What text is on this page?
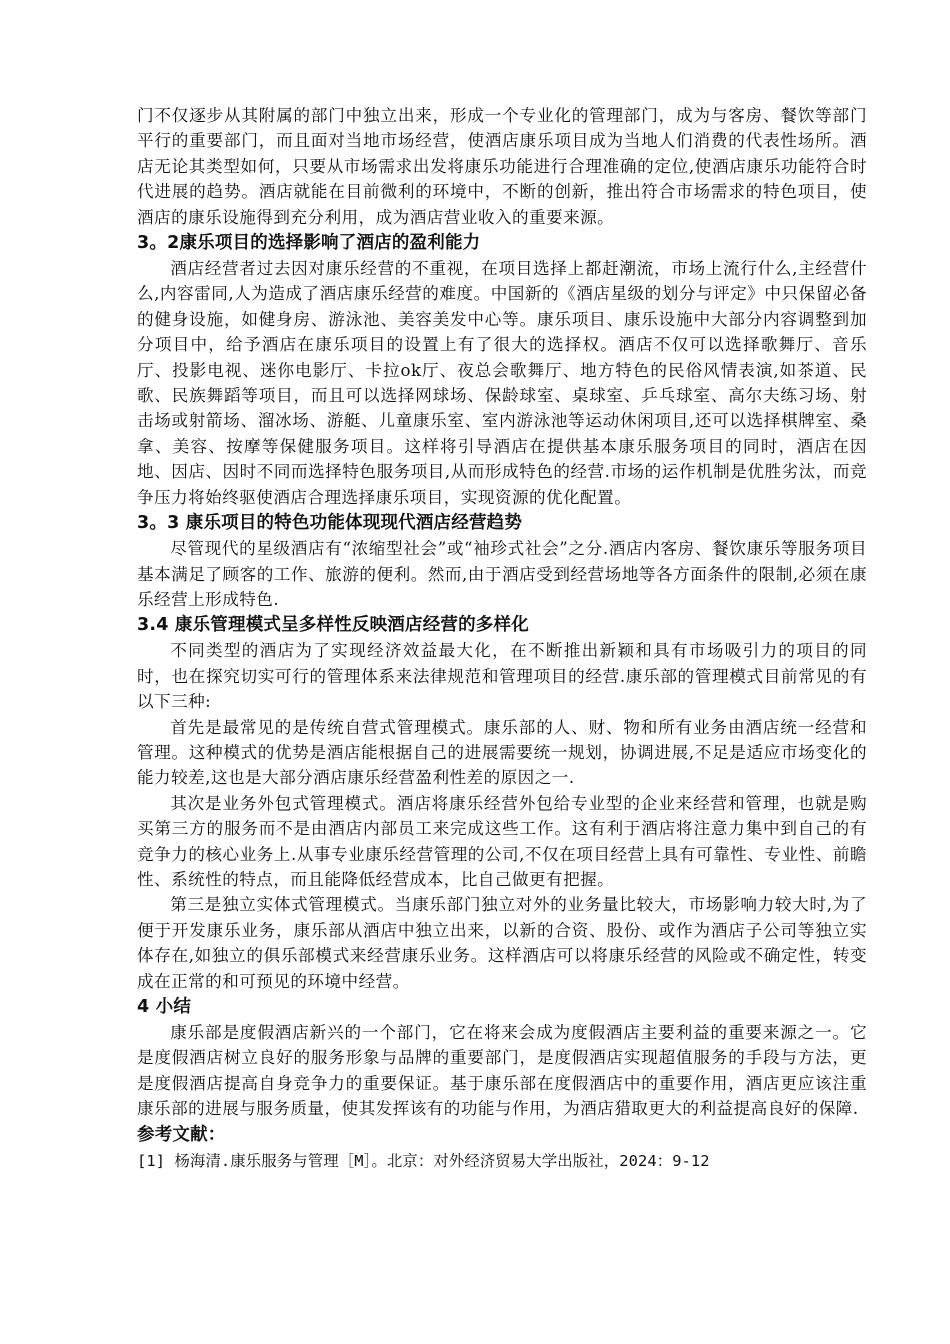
门不仅逐步从其附属的部门中独立出来，形成一个专业化的管理部门，成为与客房、餐饮等部门平行的重要部门，而且面对当地市场经营，使酒店康乐项目成为当地人们消费的代表性场所。酒店无论其类型如何，只要从市场需求出发将康乐功能进行合理准确的定位,使酒店康乐功能符合时代进展的趋势。酒店就能在目前微利的环境中，不断的创新，推出符合市场需求的特色项目，使酒店的康乐设施得到充分利用，成为酒店营业收入的重要来源。

3。2康乐项目的选择影响了酒店的盈利能力

酒店经营者过去因对康乐经营的不重视，在项目选择上都赶潮流，市场上流行什么,主经营什么,内容雷同,人为造成了酒店康乐经营的难度。中国新的《酒店星级的划分与评定》中只保留必备的健身设施，如健身房、游泳池、美容美发中心等。康乐项目、康乐设施中大部分内容调整到加分项目中，给予酒店在康乐项目的设置上有了很大的选择权。酒店不仅可以选择歌舞厅、音乐厅、投影电视、迷你电影厅、卡拉ok厅、夜总会歌舞厅、地方特色的民俗风情表演,如茶道、民歌、民族舞蹈等项目，而且可以选择网球场、保龄球室、桌球室、乒乓球室、高尔夫练习场、射击场或射箭场、溜冰场、游艇、儿童康乐室、室内游泳池等运动休闲项目,还可以选择棋牌室、桑拿、美容、按摩等保健服务项目。这样将引导酒店在提供基本康乐服务项目的同时，酒店在因地、因店、因时不同而选择特色服务项目,从而形成特色的经营.市场的运作机制是优胜劣汰，而竞争压力将始终驱使酒店合理选择康乐项目，实现资源的优化配置。

3。3 康乐项目的特色功能体现现代酒店经营趋势

尽管现代的星级酒店有“浓缩型社会”或“袖珍式社会”之分.酒店内客房、餐饮康乐等服务项目基本满足了顾客的工作、旅游的便利。然而,由于酒店受到经营场地等各方面条件的限制,必须在康乐经营上形成特色.

3.4 康乐管理模式呈多样性反映酒店经营的多样化

不同类型的酒店为了实现经济效益最大化，在不断推出新颖和具有市场吸引力的项目的同时，也在探究切实可行的管理体系来法律规范和管理项目的经营.康乐部的管理模式目前常见的有以下三种:

首先是最常见的是传统自营式管理模式。康乐部的人、财、物和所有业务由酒店统一经营和管理。这种模式的优势是酒店能根据自己的进展需要统一规划，协调进展,不足是适应市场变化的能力较差,这也是大部分酒店康乐经营盈利性差的原因之一.

其次是业务外包式管理模式。酒店将康乐经营外包给专业型的企业来经营和管理，也就是购买第三方的服务而不是由酒店内部员工来完成这些工作。这有利于酒店将注意力集中到自己的有竞争力的核心业务上.从事专业康乐经营管理的公司,不仅在项目经营上具有可靠性、专业性、前瞻性、系统性的特点，而且能降低经营成本，比自己做更有把握。

第三是独立实体式管理模式。当康乐部门独立对外的业务量比较大，市场影响力较大时,为了便于开发康乐业务，康乐部从酒店中独立出来，以新的合资、股份、或作为酒店子公司等独立实体存在,如独立的俱乐部模式来经营康乐业务。这样酒店可以将康乐经营的风险或不确定性，转变成在正常的和可预见的环境中经营。

4 小结

康乐部是度假酒店新兴的一个部门，它在将来会成为度假酒店主要利益的重要来源之一。它是度假酒店树立良好的服务形象与品牌的重要部门，是度假酒店实现超值服务的手段与方法，更是度假酒店提高自身竞争力的重要保证。基于康乐部在度假酒店中的重要作用，酒店更应该注重康乐部的进展与服务质量，使其发挥该有的功能与作用，为酒店猎取更大的利益提高良好的保障.

参考文献：

[1] 杨海清.康乐服务与管理［M］。北京：对外经济贸易大学出版社，2024：9-12
